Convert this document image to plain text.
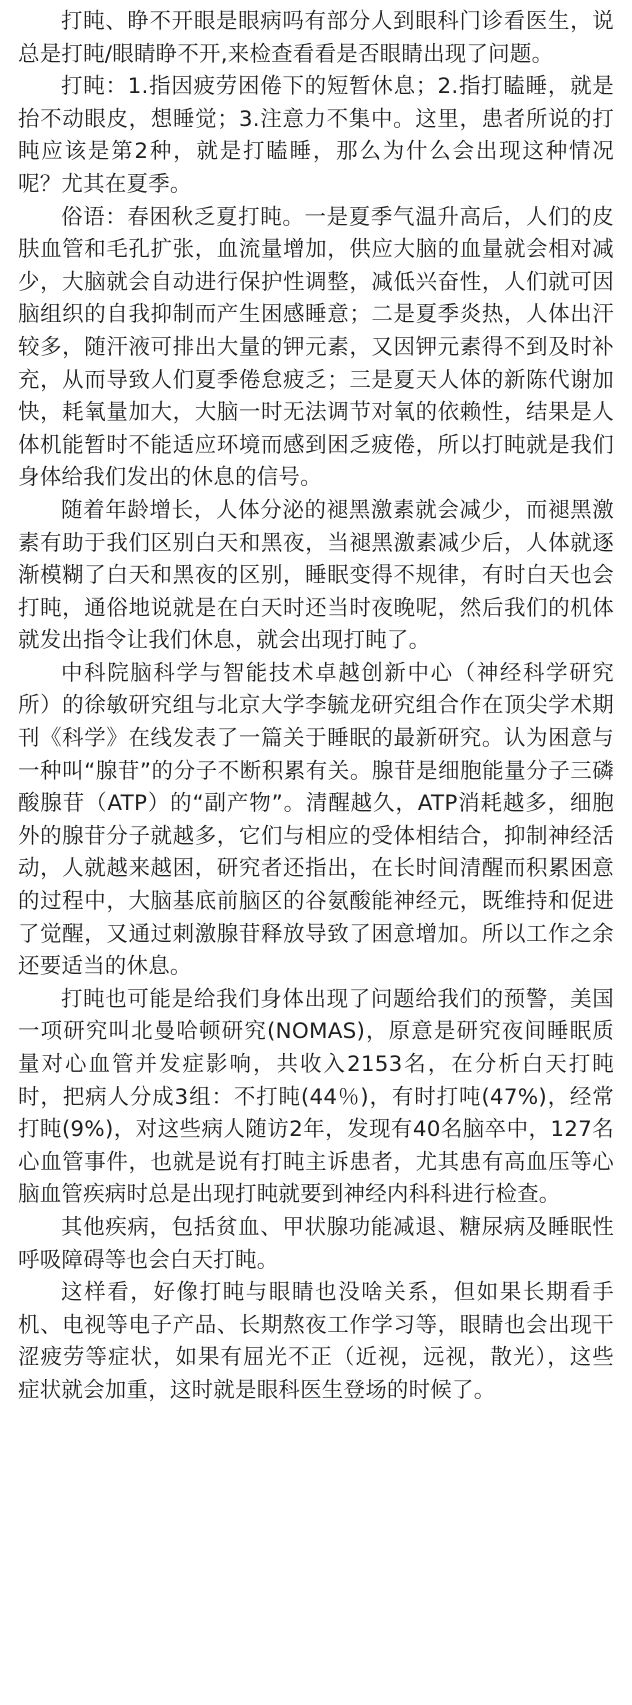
打盹、睁不开眼是眼病吗有部分人到眼科门诊看医生，说总是打盹/眼睛睁不开,来检查看看是否眼睛出现了问题。

打盹：1.指因疲劳困倦下的短暂休息；2.指打瞌睡，就是抬不动眼皮，想睡觉；3.注意力不集中。这里，患者所说的打盹应该是第2种，就是打瞌睡，那么为什么会出现这种情况呢？尤其在夏季。

俗语：春困秋乏夏打盹。一是夏季气温升高后，人们的皮肤血管和毛孔扩张，血流量增加，供应大脑的血量就会相对减少，大脑就会自动进行保护性调整，减低兴奋性，人们就可因脑组织的自我抑制而产生困感睡意；二是夏季炎热，人体出汗较多，随汗液可排出大量的钾元素，又因钾元素得不到及时补充，从而导致人们夏季倦怠疲乏；三是夏天人体的新陈代谢加快，耗氧量加大，大脑一时无法调节对氧的依赖性，结果是人体机能暂时不能适应环境而感到困乏疲倦，所以打盹就是我们身体给我们发出的休息的信号。

随着年龄增长，人体分泌的褪黑激素就会减少，而褪黑激素有助于我们区别白天和黑夜，当褪黑激素减少后，人体就逐渐模糊了白天和黑夜的区别，睡眠变得不规律，有时白天也会打盹，通俗地说就是在白天时还当时夜晚呢，然后我们的机体就发出指令让我们休息，就会出现打盹了。

中科院脑科学与智能技术卓越创新中心（神经科学研究所）的徐敏研究组与北京大学李毓龙研究组合作在顶尖学术期刊《科学》在线发表了一篇关于睡眠的最新研究。认为困意与一种叫“腺苷”的分子不断积累有关。腺苷是细胞能量分子三磷酸腺苷（ATP）的“副产物”。清醒越久，ATP消耗越多，细胞外的腺苷分子就越多，它们与相应的受体相结合，抑制神经活动，人就越来越困，研究者还指出，在长时间清醒而积累困意的过程中，大脑基底前脑区的谷氨酸能神经元，既维持和促进了觉醒，又通过刺激腺苷释放导致了困意增加。所以工作之余还要适当的休息。

打盹也可能是给我们身体出现了问题给我们的预警，美国一项研究叫北曼哈顿研究(NOMAS)，原意是研究夜间睡眠质量对心血管并发症影响，共收入2153名，在分析白天打盹时，把病人分成3组：不打盹(44％)，有时打吨(47%)，经常打盹(9%)，对这些病人随访2年，发现有40名脑卒中，127名心血管事件，也就是说有打盹主诉患者，尤其患有高血压等心脑血管疾病时总是出现打盹就要到神经内科科进行检查。

其他疾病，包括贫血、甲状腺功能减退、糖尿病及睡眠性呼吸障碍等也会白天打盹。

这样看，好像打盹与眼睛也没啥关系，但如果长期看手机、电视等电子产品、长期熬夜工作学习等，眼睛也会出现干涩疲劳等症状，如果有屈光不正（近视，远视，散光），这些症状就会加重，这时就是眼科医生登场的时候了。
